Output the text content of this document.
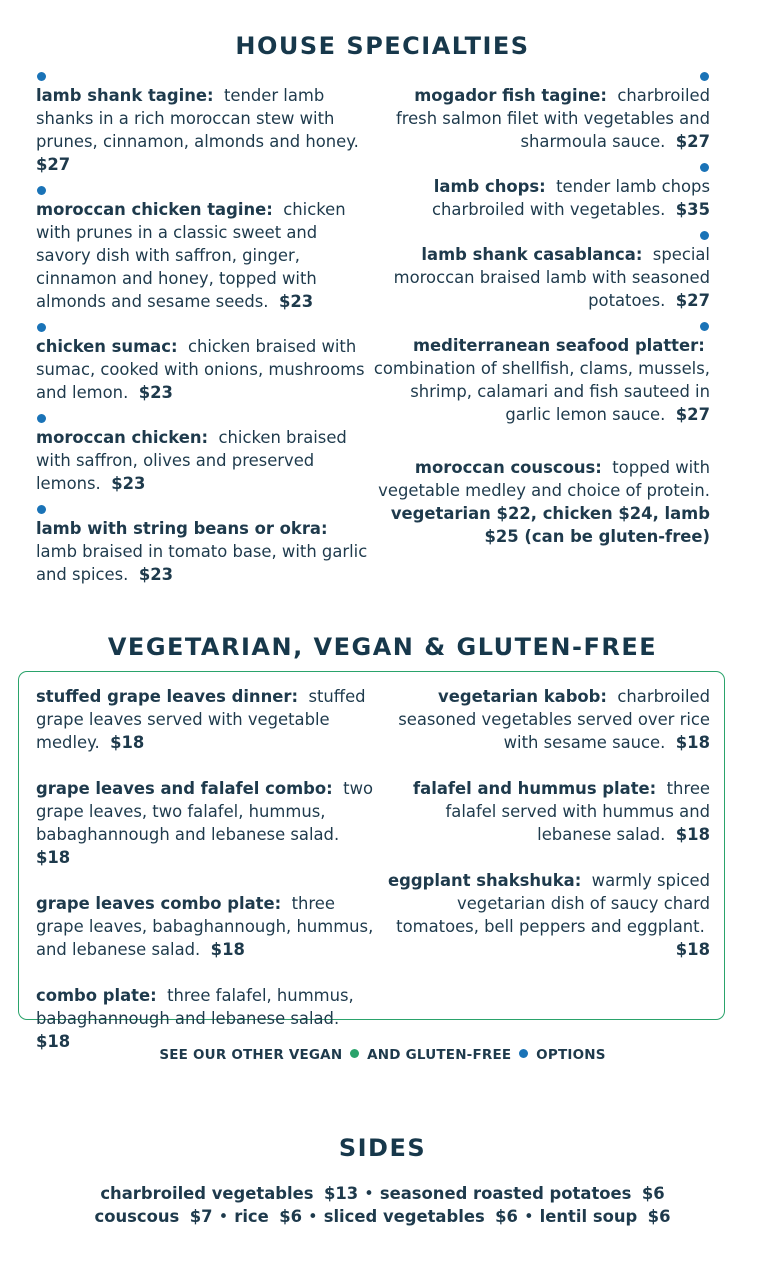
HOUSE SPECIALTIES
lamb shank tagine: tender lamb shanks in a rich moroccan stew with prunes, cinnamon, almonds and honey.  $27
moroccan chicken tagine: chicken with prunes in a classic sweet and savory dish with saffron, ginger, cinnamon and honey, topped with almonds and sesame seeds. $23
chicken sumac: chicken braised with sumac, cooked with onions, mushrooms and lemon. $23
moroccan chicken: chicken braised with saffron, olives and preserved lemons. $23
lamb with string beans or okra:  lamb braised in tomato base, with garlic and spices. $23
mogador fish tagine: charbroiled fresh salmon filet with vegetables and sharmoula sauce. $27
lamb chops: tender lamb chops charbroiled with vegetables. $35
lamb shank casablanca: special moroccan braised lamb with seasoned potatoes. $27
mediterranean seafood platter:  combination of shellfish, clams, mussels, shrimp, calamari and fish sauteed in garlic lemon sauce. $27
moroccan couscous: topped with vegetable medley and choice of protein. vegetarian $22, chicken $24, lamb $25 (can be gluten-free)
VEGETARIAN, VEGAN & GLUTEN-FREE
stuffed grape leaves dinner: stuffed grape leaves served with vegetable medley. $18
grape leaves and falafel combo: two grape leaves, two falafel, hummus, babaghannough and lebanese salad.  $18
grape leaves combo plate: three grape leaves, babaghannough, hummus, and lebanese salad. $18
combo plate: three falafel, hummus, babaghannough and lebanese salad.  $18
vegetarian kabob: charbroiled seasoned vegetables served over rice with sesame sauce. $18
falafel and hummus plate: three falafel served with hummus and lebanese salad. $18
eggplant shakshuka: warmly spiced vegetarian dish of saucy chard tomatoes, bell peppers and eggplant.  $18
SEE OUR OTHER VEGAN AND GLUTEN-FREE OPTIONS
SIDES
charbroiled vegetables $13 • seasoned roasted potatoes $6
couscous $7 • rice $6 • sliced vegetables $6 • lentil soup $6
